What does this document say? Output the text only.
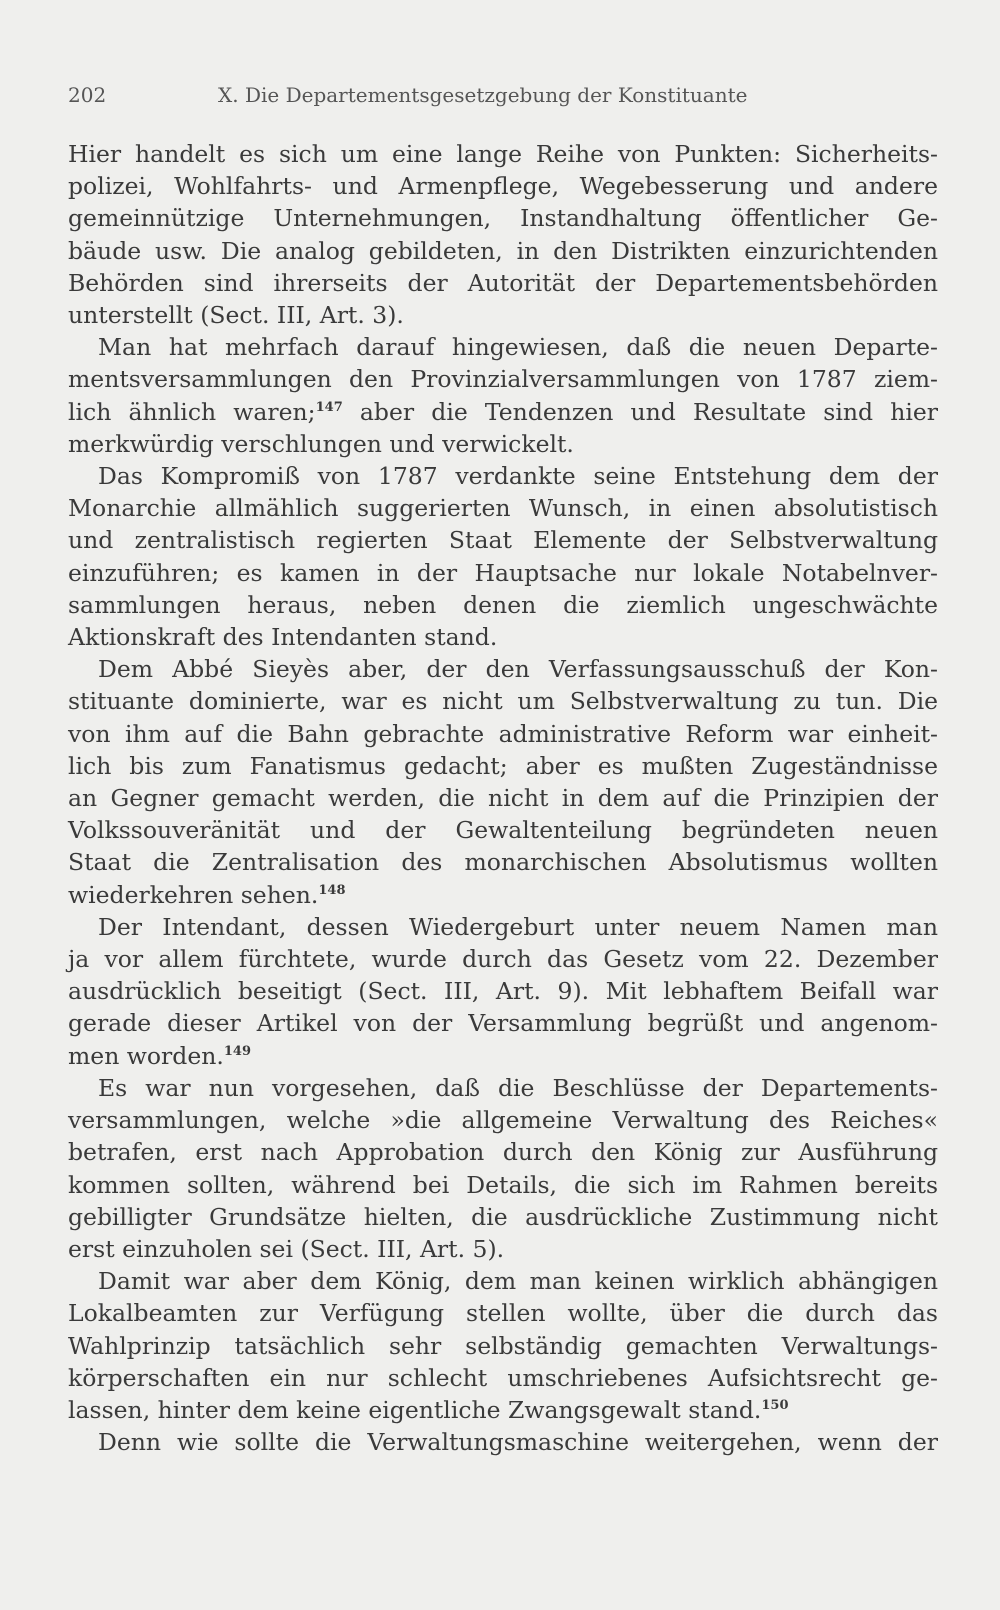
202	X. Die Departementsgesetzgebung der Konstituante
Hier handelt es sich um eine lange Reihe von Punkten: Sicherheits-
polizei, Wohlfahrts- und Armenpflege, Wegebesserung und andere
gemeinnützige Unternehmungen, Instandhaltung öffentlicher Ge-
bäude usw. Die analog gebildeten, in den Distrikten einzurichtenden
Behörden sind ihrerseits der Autorität der Departementsbehörden
unterstellt (Sect. III, Art. 3).
Man hat mehrfach darauf hingewiesen, daß die neuen Departe-
mentsversammlungen den Provinzialversammlungen von 1787 ziem-
lich ähnlich waren;$^{147}$ aber die Tendenzen und Resultate sind hier
merkwürdig verschlungen und verwickelt.
Das Kompromiß von 1787 verdankte seine Entstehung dem der
Monarchie allmählich suggerierten Wunsch, in einen absolutistisch
und zentralistisch regierten Staat Elemente der Selbstverwaltung
einzuführen; es kamen in der Hauptsache nur lokale Notabelnver-
sammlungen heraus, neben denen die ziemlich ungeschwächte
Aktionskraft des Intendanten stand.
Dem Abbé Sieyès aber, der den Verfassungsausschuß der Kon-
stituante dominierte, war es nicht um Selbstverwaltung zu tun. Die
von ihm auf die Bahn gebrachte administrative Reform war einheit-
lich bis zum Fanatismus gedacht; aber es mußten Zugeständnisse
an Gegner gemacht werden, die nicht in dem auf die Prinzipien der
Volkssouveränität und der Gewaltenteilung begründeten neuen
Staat die Zentralisation des monarchischen Absolutismus wollten
wiederkehren sehen.$^{148}$
Der Intendant, dessen Wiedergeburt unter neuem Namen man
ja vor allem fürchtete, wurde durch das Gesetz vom 22. Dezember
ausdrücklich beseitigt (Sect. III, Art. 9). Mit lebhaftem Beifall war
gerade dieser Artikel von der Versammlung begrüßt und angenom-
men worden.$^{149}$
Es war nun vorgesehen, daß die Beschlüsse der Departements-
versammlungen, welche »die allgemeine Verwaltung des Reiches«
betrafen, erst nach Approbation durch den König zur Ausführung
kommen sollten, während bei Details, die sich im Rahmen bereits
gebilligter Grundsätze hielten, die ausdrückliche Zustimmung nicht
erst einzuholen sei (Sect. III, Art. 5).
Damit war aber dem König, dem man keinen wirklich abhängigen
Lokalbeamten zur Verfügung stellen wollte, über die durch das
Wahlprinzip tatsächlich sehr selbständig gemachten Verwaltungs-
körperschaften ein nur schlecht umschriebenes Aufsichtsrecht ge-
lassen, hinter dem keine eigentliche Zwangsgewalt stand.$^{150}$
Denn wie sollte die Verwaltungsmaschine weitergehen, wenn der
